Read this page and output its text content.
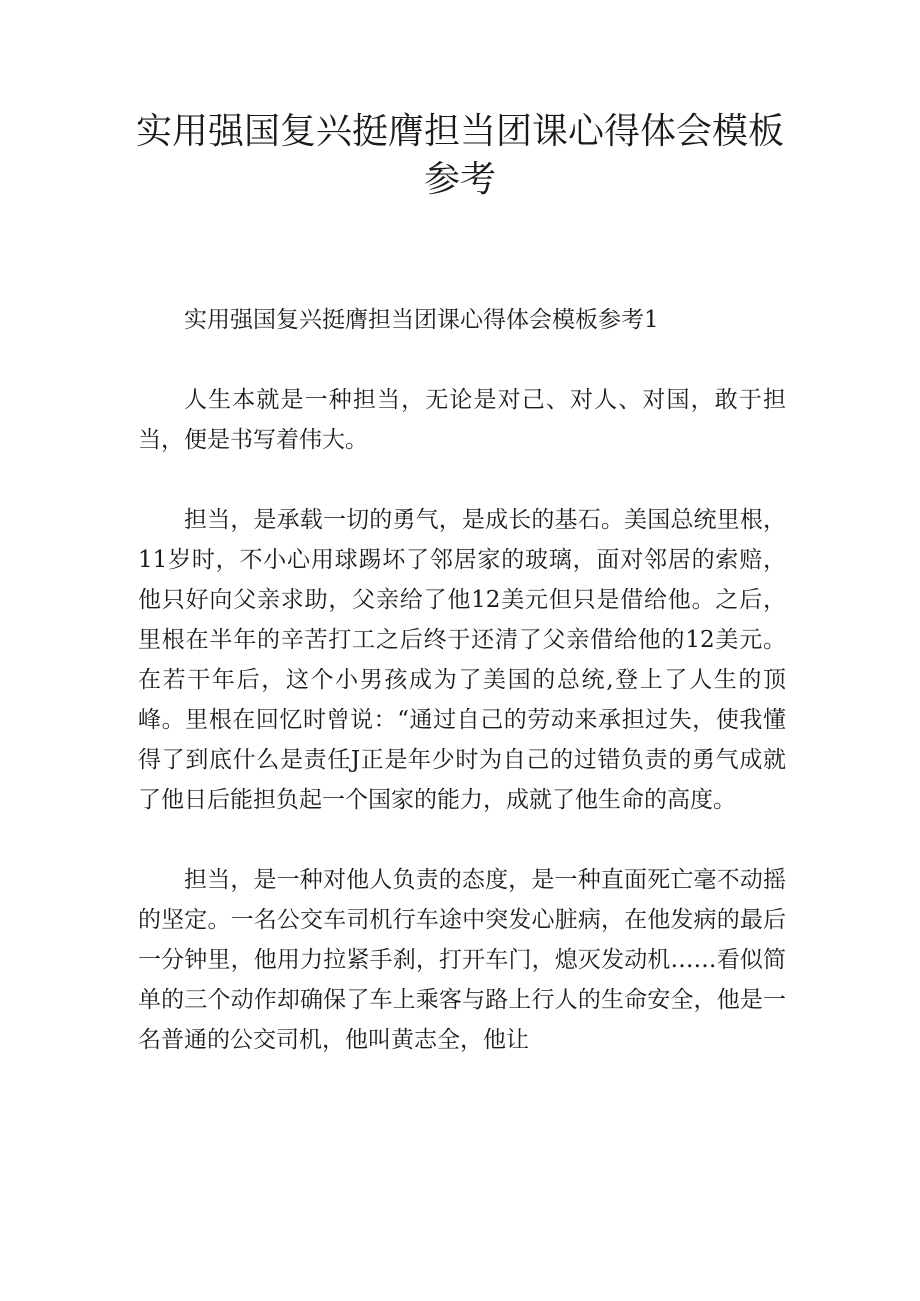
实用强国复兴挺膺担当团课心得体会模板
参考

实用强国复兴挺膺担当团课心得体会模板参考1

人生本就是一种担当，无论是对己、对人、对国，敢于担当，便是书写着伟大。

担当，是承载一切的勇气，是成长的基石。美国总统里根，11岁时，不小心用球踢坏了邻居家的玻璃，面对邻居的索赔，他只好向父亲求助，父亲给了他12美元但只是借给他。之后，里根在半年的辛苦打工之后终于还清了父亲借给他的12美元。在若干年后，这个小男孩成为了美国的总统,登上了人生的顶峰。里根在回忆时曾说：“通过自己的劳动来承担过失，使我懂得了到底什么是责任J正是年少时为自己的过错负责的勇气成就了他日后能担负起一个国家的能力，成就了他生命的高度。

担当，是一种对他人负责的态度，是一种直面死亡毫不动摇的坚定。一名公交车司机行车途中突发心脏病，在他发病的最后一分钟里，他用力拉紧手刹，打开车门，熄灭发动机……看似简单的三个动作却确保了车上乘客与路上行人的生命安全，他是一名普通的公交司机，他叫黄志全，他让
